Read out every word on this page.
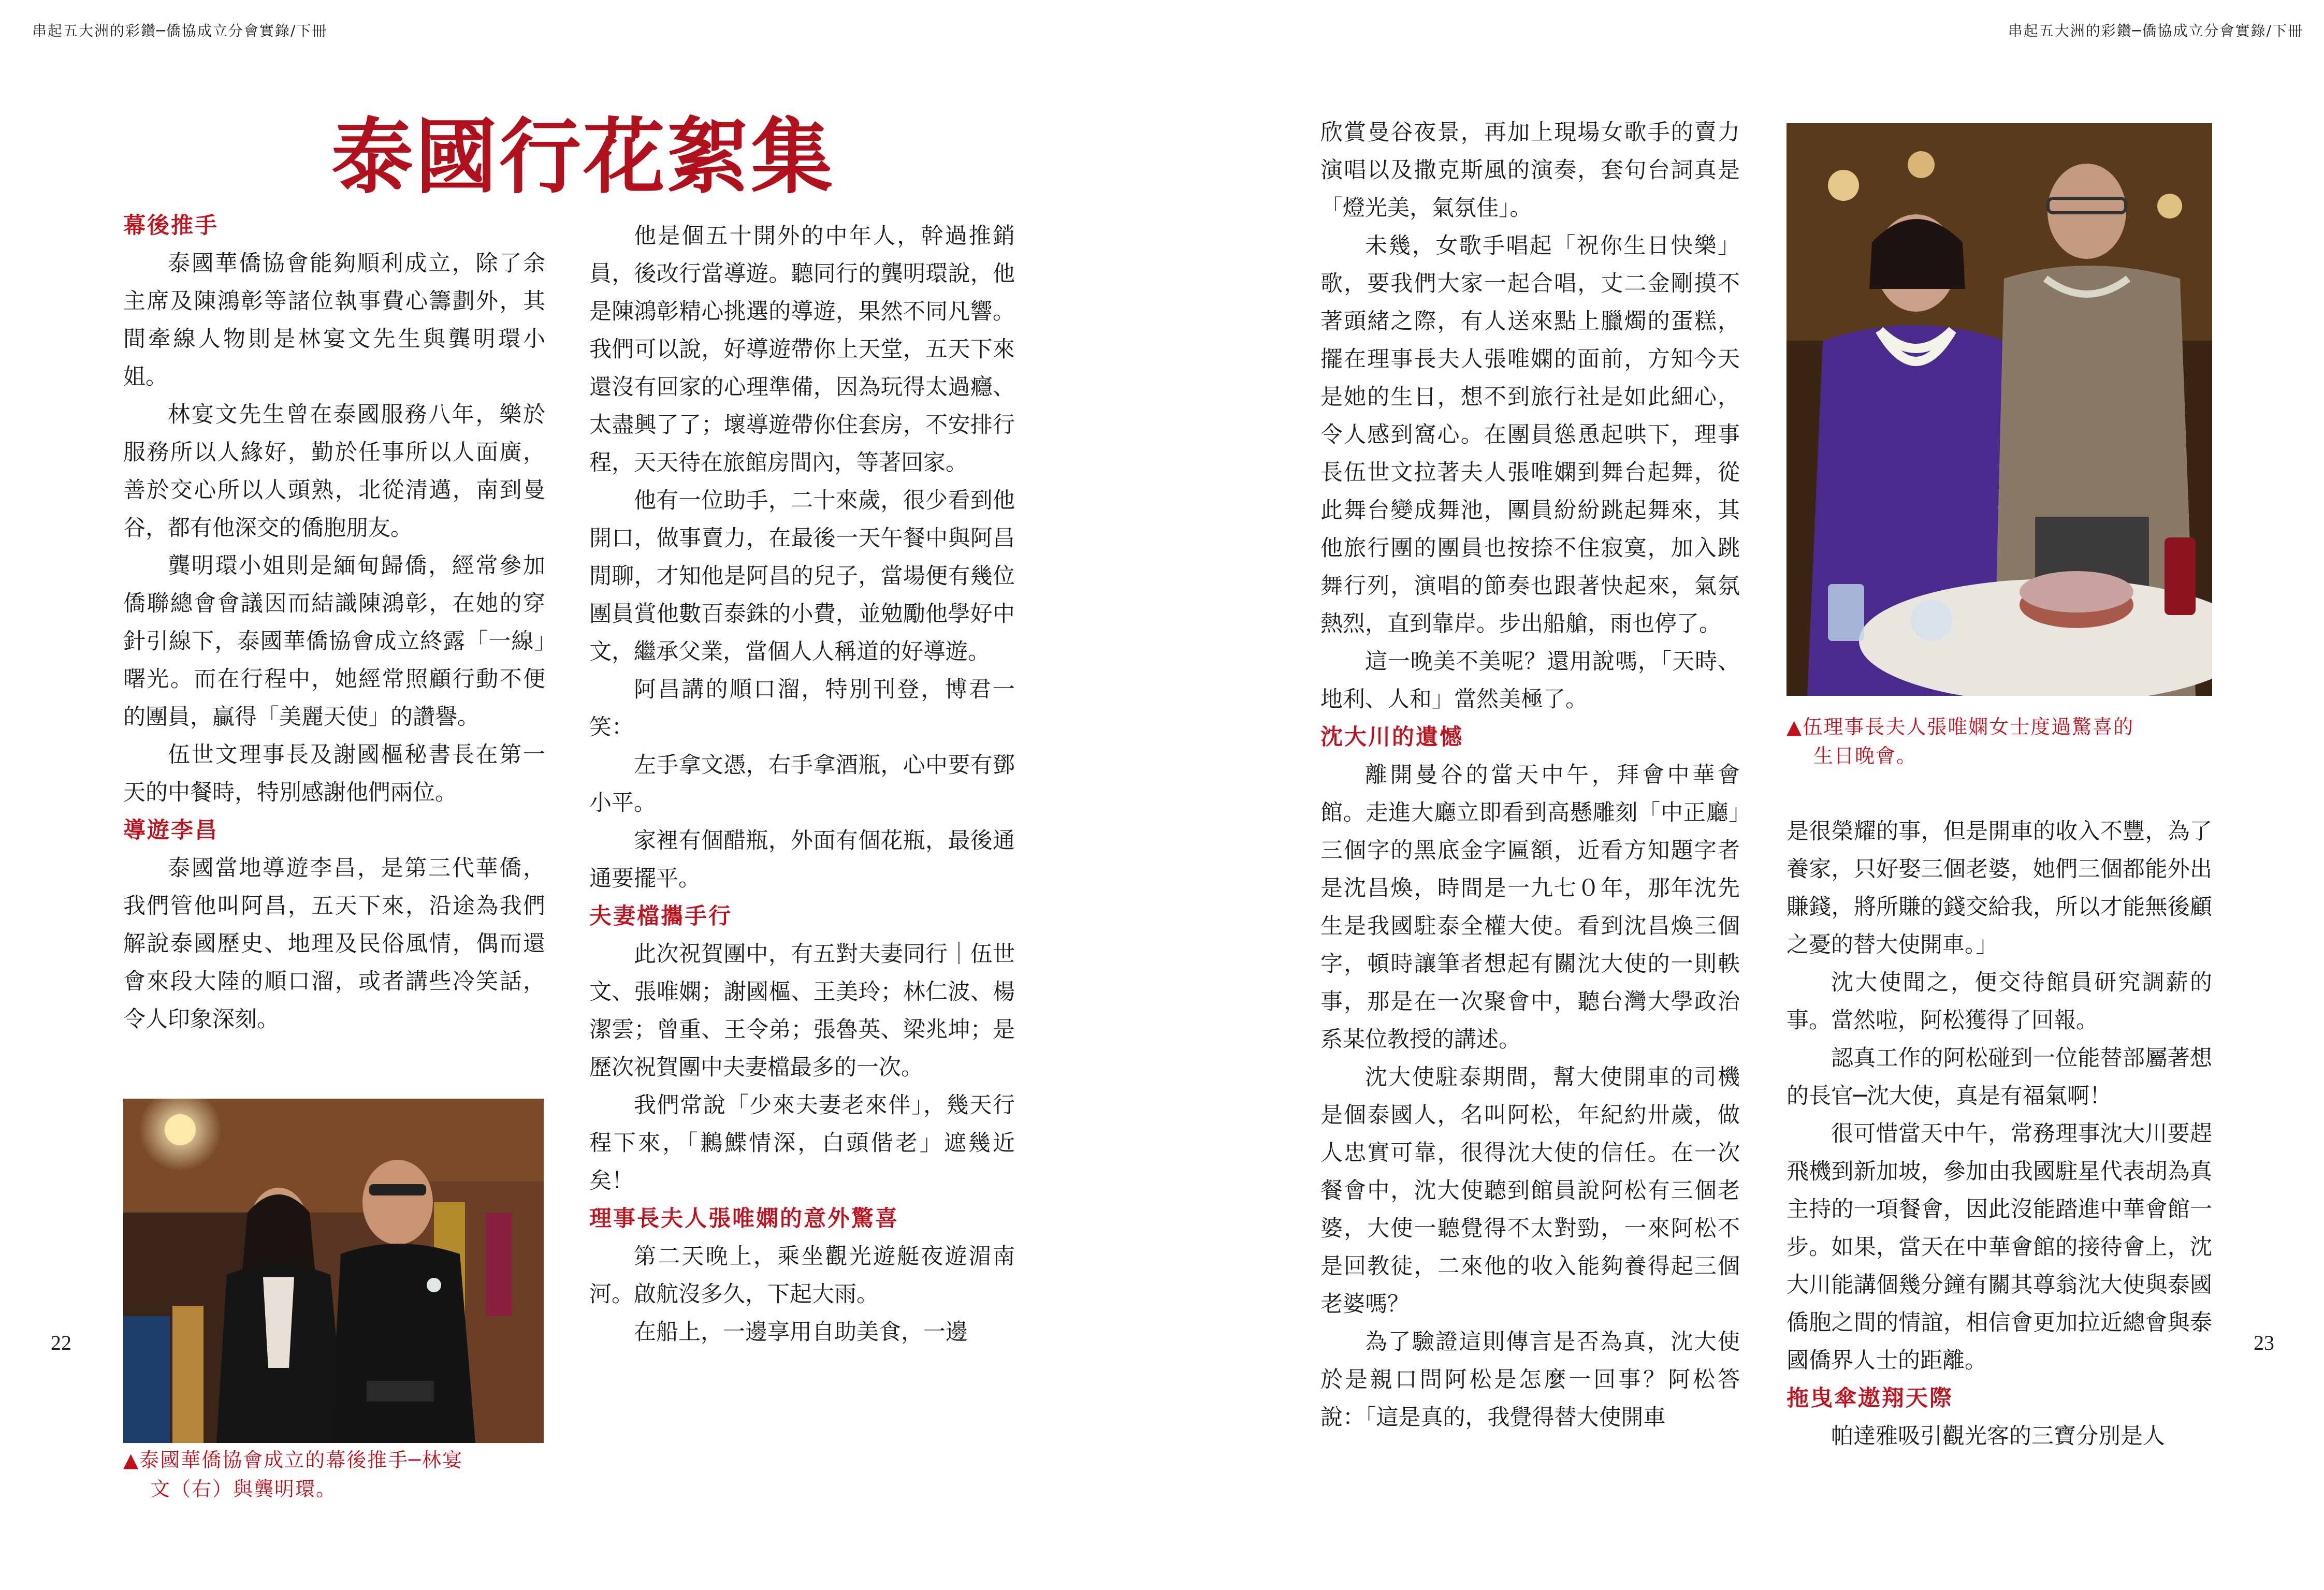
串起五大洲的彩鑽─僑協成立分會實錄/下冊	串起五大洲的彩鑽─僑協成立分會實錄/下冊
泰國行花絮集
幕後推手

泰國華僑協會能夠順利成立，除了余主席及陳鴻彰等諸位執事費心籌劃外，其間牽線人物則是林宴文先生與龔明環小姐。

林宴文先生曾在泰國服務八年，樂於服務所以人緣好，勤於任事所以人面廣，善於交心所以人頭熟，北從清邁，南到曼谷，都有他深交的僑胞朋友。

龔明環小姐則是緬甸歸僑，經常參加僑聯總會會議因而結識陳鴻彰，在她的穿針引線下，泰國華僑協會成立終露「一線」曙光。而在行程中，她經常照顧行動不便的團員，贏得「美麗天使」的讚譽。

伍世文理事長及謝國樞秘書長在第一天的中餐時，特別感謝他們兩位。

導遊李昌

泰國當地導遊李昌，是第三代華僑，我們管他叫阿昌，五天下來，沿途為我們解說泰國歷史、地理及民俗風情，偶而還會來段大陸的順口溜，或者講些冷笑話，令人印象深刻。

▲泰國華僑協會成立的幕後推手─林宴
文（右）與龔明環。

他是個五十開外的中年人，幹過推銷員，後改行當導遊。聽同行的龔明環說，他是陳鴻彰精心挑選的導遊，果然不同凡響。我們可以說，好導遊帶你上天堂，五天下來還沒有回家的心理準備，因為玩得太過癮、太盡興了了；壞導遊帶你住套房，不安排行程，天天待在旅館房間內，等著回家。

他有一位助手，二十來歲，很少看到他開口，做事賣力，在最後一天午餐中與阿昌閒聊，才知他是阿昌的兒子，當場便有幾位團員賞他數百泰銖的小費，並勉勵他學好中文，繼承父業，當個人人稱道的好導遊。

阿昌講的順口溜，特別刊登，博君一笑：

左手拿文憑，右手拿酒瓶，心中要有鄧小平。

家裡有個醋瓶，外面有個花瓶，最後通通要擺平。

夫妻檔攜手行

此次祝賀團中，有五對夫妻同行｜伍世文、張唯嫻；謝國樞、王美玲；林仁波、楊潔雲；曾重、王令弟；張魯英、梁兆坤；是歷次祝賀團中夫妻檔最多的一次。

我們常說「少來夫妻老來伴」，幾天行程下來，「鶼鰈情深，白頭偕老」遮幾近矣！

理事長夫人張唯嫻的意外驚喜

第二天晚上，乘坐觀光遊艇夜遊湄南河。啟航沒多久，下起大雨。

在船上，一邊享用自助美食，一邊

22	23

欣賞曼谷夜景，再加上現場女歌手的賣力演唱以及撒克斯風的演奏，套句台詞真是「燈光美，氣氛佳」。

未幾，女歌手唱起「祝你生日快樂」歌，要我們大家一起合唱，丈二金剛摸不著頭緒之際，有人送來點上臘燭的蛋糕，擺在理事長夫人張唯嫻的面前，方知今天是她的生日，想不到旅行社是如此細心，令人感到窩心。在團員慫恿起哄下，理事長伍世文拉著夫人張唯嫻到舞台起舞，從此舞台變成舞池，團員紛紛跳起舞來，其他旅行團的團員也按捺不住寂寞，加入跳舞行列，演唱的節奏也跟著快起來，氣氛熱烈，直到靠岸。步出船艙，雨也停了。

這一晚美不美呢？還用說嗎，「天時、地利、人和」當然美極了。

沈大川的遺憾

離開曼谷的當天中午，拜會中華會館。走進大廳立即看到高懸雕刻「中正廳」三個字的黑底金字匾額，近看方知題字者是沈昌煥，時間是一九七０年，那年沈先生是我國駐泰全權大使。看到沈昌煥三個字，頓時讓筆者想起有關沈大使的一則軼事，那是在一次聚會中，聽台灣大學政治系某位教授的講述。

沈大使駐泰期間，幫大使開車的司機是個泰國人，名叫阿松，年紀約卅歲，做人忠實可靠，很得沈大使的信任。在一次餐會中，沈大使聽到館員說阿松有三個老婆，大使一聽覺得不太對勁，一來阿松不是回教徒，二來他的收入能夠養得起三個老婆嗎？

為了驗證這則傳言是否為真，沈大使於是親口問阿松是怎麼一回事？阿松答說：「這是真的，我覺得替大使開車

▲伍理事長夫人張唯嫻女士度過驚喜的
生日晚會。

是很榮耀的事，但是開車的收入不豐，為了養家，只好娶三個老婆，她們三個都能外出賺錢，將所賺的錢交給我，所以才能無後顧之憂的替大使開車。」

沈大使聞之，便交待館員研究調薪的事。當然啦，阿松獲得了回報。

認真工作的阿松碰到一位能替部屬著想的長官─沈大使，真是有福氣啊！

很可惜當天中午，常務理事沈大川要趕飛機到新加坡，參加由我國駐星代表胡為真主持的一項餐會，因此沒能踏進中華會館一步。如果，當天在中華會館的接待會上，沈大川能講個幾分鐘有關其尊翁沈大使與泰國僑胞之間的情誼，相信會更加拉近總會與泰國僑界人士的距離。

拖曳傘遨翔天際

帕達雅吸引觀光客的三寶分別是人
